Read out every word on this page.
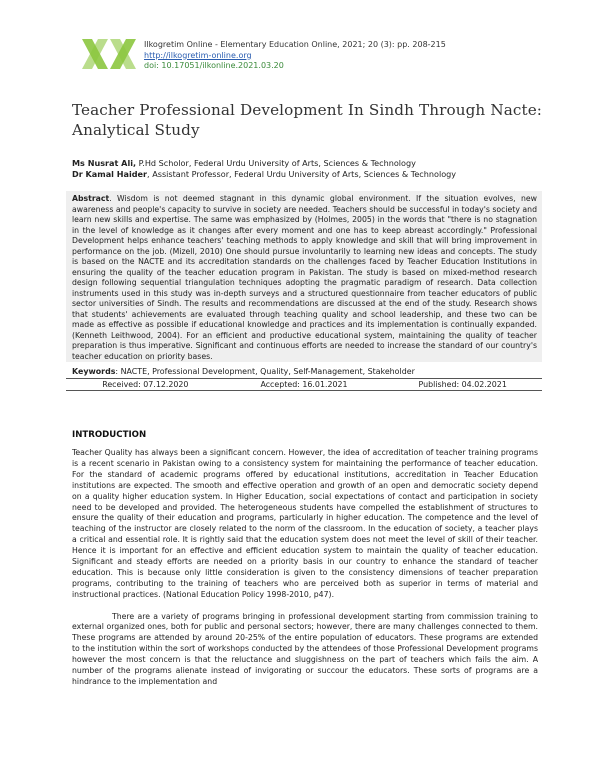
Ilkogretim Online - Elementary Education Online, 2021; 20 (3): pp. 208-215
http://ilkogretim-online.org
doi: 10.17051/ilkonline.2021.03.20
Teacher Professional Development In Sindh Through Nacte: Analytical Study
Ms Nusrat Ali, P.Hd Scholor, Federal Urdu University of Arts, Sciences & Technology
Dr Kamal Haider, Assistant Professor, Federal Urdu University of Arts, Sciences & Technology

Abstract. Wisdom is not deemed stagnant in this dynamic global environment. If the situation evolves, new awareness and people's capacity to survive in society are needed. Teachers should be successful in today's society and learn new skills and expertise. The same was emphasized by (Holmes, 2005) in the words that "there is no stagnation in the level of knowledge as it changes after every moment and one has to keep abreast accordingly." Professional Development helps enhance teachers' teaching methods to apply knowledge and skill that will bring improvement in performance on the job. (Mizell, 2010) One should pursue involuntarily to learning new ideas and concepts. The study is based on the NACTE and its accreditation standards on the challenges faced by Teacher Education Institutions in ensuring the quality of the teacher education program in Pakistan. The study is based on mixed-method research design following sequential triangulation techniques adopting the pragmatic paradigm of research. Data collection instruments used in this study was in-depth surveys and a structured questionnaire from teacher educators of public sector universities of Sindh. The results and recommendations are discussed at the end of the study. Research shows that students' achievements are evaluated through teaching quality and school leadership, and these two can be made as effective as possible if educational knowledge and practices and its implementation is continually expanded. (Kenneth Leithwood, 2004). For an efficient and productive educational system, maintaining the quality of teacher preparation is thus imperative. Significant and continuous efforts are needed to increase the standard of our country's teacher education on priority bases.

Keywords: NACTE, Professional Development, Quality, Self-Management, Stakeholder
Received: 07.12.2020	Accepted: 16.01.2021	Published: 04.02.2021
INTRODUCTION

Teacher Quality has always been a significant concern. However, the idea of accreditation of teacher training programs is a recent scenario in Pakistan owing to a consistency system for maintaining the performance of teacher education. For the standard of academic programs offered by educational institutions, accreditation in Teacher Education institutions are expected. The smooth and effective operation and growth of an open and democratic society depend on a quality higher education system. In Higher Education, social expectations of contact and participation in society need to be developed and provided. The heterogeneous students have compelled the establishment of structures to ensure the quality of their education and programs, particularly in higher education. The competence and the level of teaching of the instructor are closely related to the norm of the classroom. In the education of society, a teacher plays a critical and essential role. It is rightly said that the education system does not meet the level of skill of their teacher. Hence it is important for an effective and efficient education system to maintain the quality of teacher education. Significant and steady efforts are needed on a priority basis in our country to enhance the standard of teacher education. This is because only little consideration is given to the consistency dimensions of teacher preparation programs, contributing to the training of teachers who are perceived both as superior in terms of material and instructional practices. (National Education Policy 1998-2010, p47).

There are a variety of programs bringing in professional development starting from commission training to external organized ones, both for public and personal sectors; however, there are many challenges connected to them. These programs are attended by around 20-25% of the entire population of educators. These programs are extended to the institution within the sort of workshops conducted by the attendees of those Professional Development programs however the most concern is that the reluctance and sluggishness on the part of teachers which fails the aim. A number of the programs alienate instead of invigorating or succour the educators. These sorts of programs are a hindrance to the implementation and
